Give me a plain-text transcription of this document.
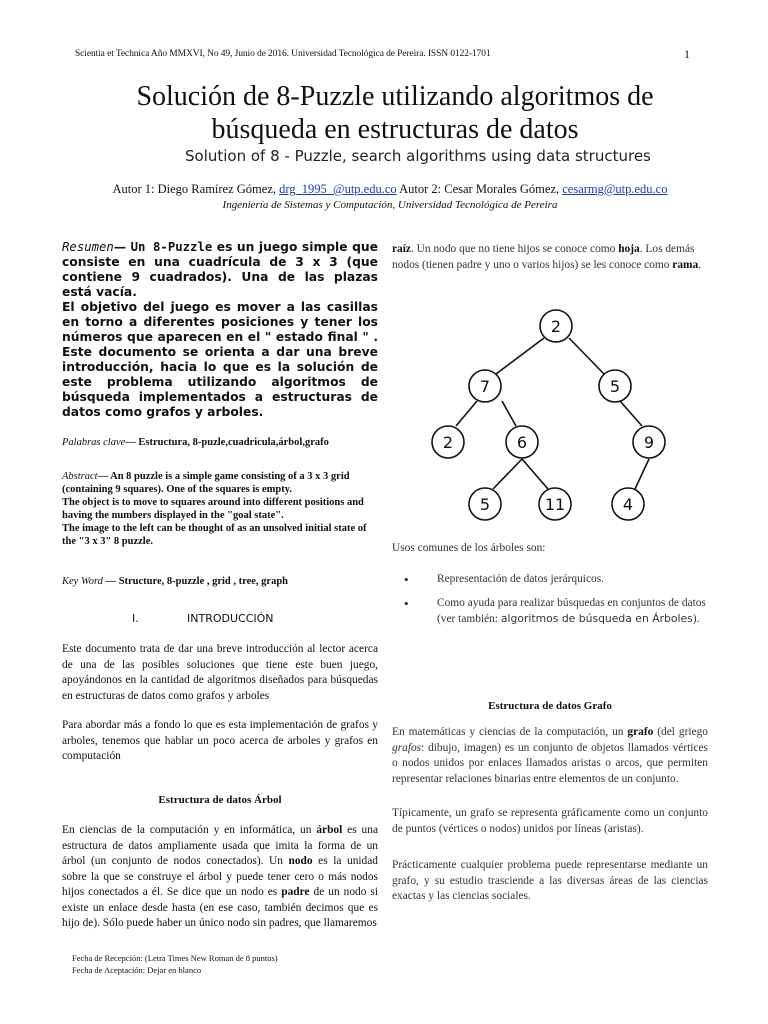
Scientia et Technica Año MMXVI, No 49, Junio de 2016. Universidad Tecnológica de Pereira. ISSN 0122-1701	1
Solución de 8-Puzzle utilizando algoritmos de
búsqueda en estructuras de datos
Solution of 8 - Puzzle, search algorithms using data structures
Autor 1: Diego Ramírez Gómez, drg_1995_@utp.edu.co Autor 2: Cesar Morales Gómez, cesarmg@utp.edu.co
Ingeniería de Sistemas y Computación, Universidad Tecnológica de Pereira
Resumen— Un 8-Puzzle es un juego simple que consiste en una cuadrícula de 3 x 3 (que contiene 9 cuadrados). Una de las plazas está vacía.
El objetivo del juego es mover a las casillas en torno a diferentes posiciones y tener los números que aparecen en el " estado final " . Este documento se orienta a dar una breve introducción, hacia lo que es la solución de este problema utilizando algoritmos de búsqueda implementados a estructuras de datos como grafos y arboles.
Palabras clave— Estructura, 8-puzle,cuadricula,árbol,grafo
Abstract— An 8 puzzle is a simple game consisting of a 3 x 3 grid (containing 9 squares). One of the squares is empty.
The object is to move to squares around into different positions and having the numbers displayed in the "goal state".
The image to the left can be thought of as an unsolved initial state of the "3 x 3" 8 puzzle.
Key Word — Structure, 8-puzzle , grid , tree, graph
I.	INTRODUCCIÓN
Este documento trata de dar una breve introducción al lector acerca de una de las posibles soluciones que tiene este buen juego, apoyándonos en la cantidad de algoritmos diseñados para búsquedas en estructuras de datos como grafos y arboles
Para abordar más a fondo lo que es esta implementación de grafos y arboles, tenemos que hablar un poco acerca de arboles y grafos en computación
Estructura de datos Árbol
En ciencias de la computación y en informática, un árbol es una estructura de datos ampliamente usada que imita la forma de un árbol (un conjunto de nodos conectados). Un nodo es la unidad sobre la que se construye el árbol y puede tener cero o más nodos hijos conectados a él. Se dice que un nodo es padre de un nodo si existe un enlace desde hasta (en ese caso, también decimos que es hijo de). Sólo puede haber un único nodo sin padres, que llamaremos
Fecha de Recepción: (Letra Times New Roman de 8 puntos)
Fecha de Aceptación: Dejar en blanco
raíz. Un nodo que no tiene hijos se conoce como hoja. Los demás nodos (tienen padre y uno o varios hijos) se les conoce como rama.
2
7	5
2	6	9
5	11	4
Usos comunes de los árboles son:
• Representación de datos jerárquicos.
• Como ayuda para realizar búsquedas en conjuntos de datos (ver también: algoritmos de búsqueda en Árboles).
Estructura de datos Grafo
En matemáticas y ciencias de la computación, un grafo (del griego grafos: dibujo, imagen) es un conjunto de objetos llamados vértices o nodos unidos por enlaces llamados aristas o arcos, que permiten representar relaciones binarias entre elementos de un conjunto.
Típicamente, un grafo se representa gráficamente como un conjunto de puntos (vértices o nodos) unidos por líneas (aristas).
Prácticamente cualquier problema puede representarse mediante un grafo, y su estudio trasciende a las diversas áreas de las ciencias exactas y las ciencias sociales.
